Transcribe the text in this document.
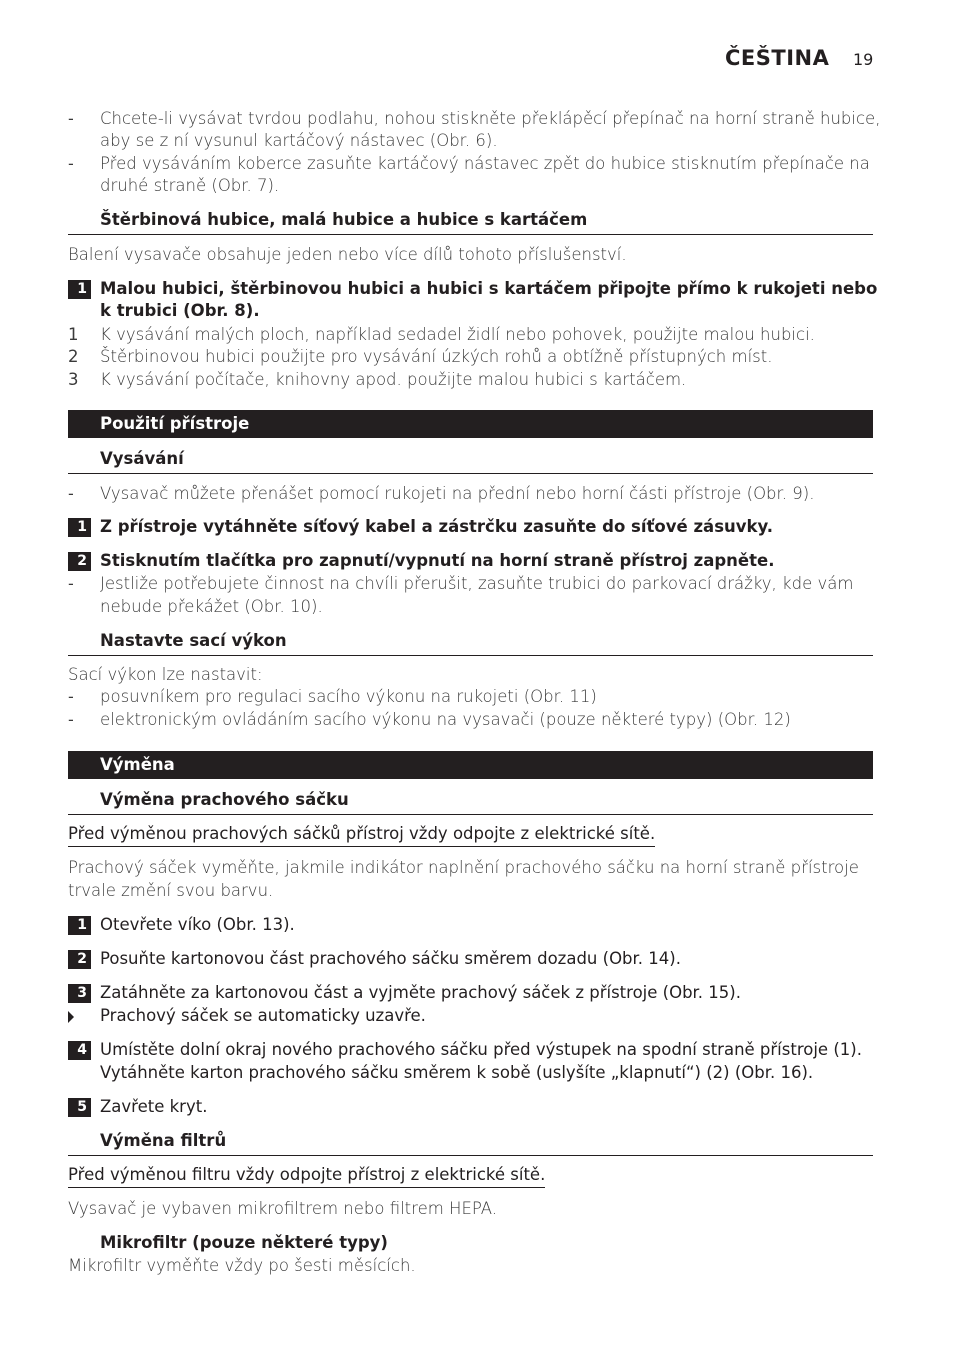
ČEŠTINA 19
- Chcete-li vysávat tvrdou podlahu, nohou stiskněte překlápěcí přepínač na horní straně hubice,
aby se z ní vysunul kartáčový nástavec (Obr. 6).
- Před vysáváním koberce zasuňte kartáčový nástavec zpět do hubice stisknutím přepínače na
druhé straně (Obr. 7).
Štěrbinová hubice, malá hubice a hubice s kartáčem
Balení vysavače obsahuje jeden nebo více dílů tohoto příslušenství.
1 Malou hubici, štěrbinovou hubici a hubici s kartáčem připojte přímo k rukojeti nebo
k trubici (Obr. 8).
1 K vysávání malých ploch, například sedadel židlí nebo pohovek, použijte malou hubici.
2 Štěrbinovou hubici použijte pro vysávání úzkých rohů a obtížně přístupných míst.
3 K vysávání počítače, knihovny apod. použijte malou hubici s kartáčem.
Použití přístroje
Vysávání
- Vysavač můžete přenášet pomocí rukojeti na přední nebo horní části přístroje (Obr. 9).
1 Z přístroje vytáhněte síťový kabel a zástrčku zasuňte do síťové zásuvky.
2 Stisknutím tlačítka pro zapnutí/vypnutí na horní straně přístroj zapněte.
- Jestliže potřebujete činnost na chvíli přerušit, zasuňte trubici do parkovací drážky, kde vám
nebude překážet (Obr. 10).
Nastavte sací výkon
Sací výkon lze nastavit:
- posuvníkem pro regulaci sacího výkonu na rukojeti (Obr. 11)
- elektronickým ovládáním sacího výkonu na vysavači (pouze některé typy) (Obr. 12)
Výměna
Výměna prachového sáčku
Před výměnou prachových sáčků přístroj vždy odpojte z elektrické sítě.
Prachový sáček vyměňte, jakmile indikátor naplnění prachového sáčku na horní straně přístroje
trvale změní svou barvu.
1 Otevřete víko (Obr. 13).
2 Posuňte kartonovou část prachového sáčku směrem dozadu (Obr. 14).
3 Zatáhněte za kartonovou část a vyjměte prachový sáček z přístroje (Obr. 15).
Prachový sáček se automaticky uzavře.
4 Umístěte dolní okraj nového prachového sáčku před výstupek na spodní straně přístroje (1).
Vytáhněte karton prachového sáčku směrem k sobě (uslyšíte „klapnutí“) (2) (Obr. 16).
5 Zavřete kryt.
Výměna filtrů
Před výměnou filtru vždy odpojte přístroj z elektrické sítě.
Vysavač je vybaven mikrofiltrem nebo filtrem HEPA.
Mikrofiltr (pouze některé typy)
Mikrofiltr vyměňte vždy po šesti měsících.
